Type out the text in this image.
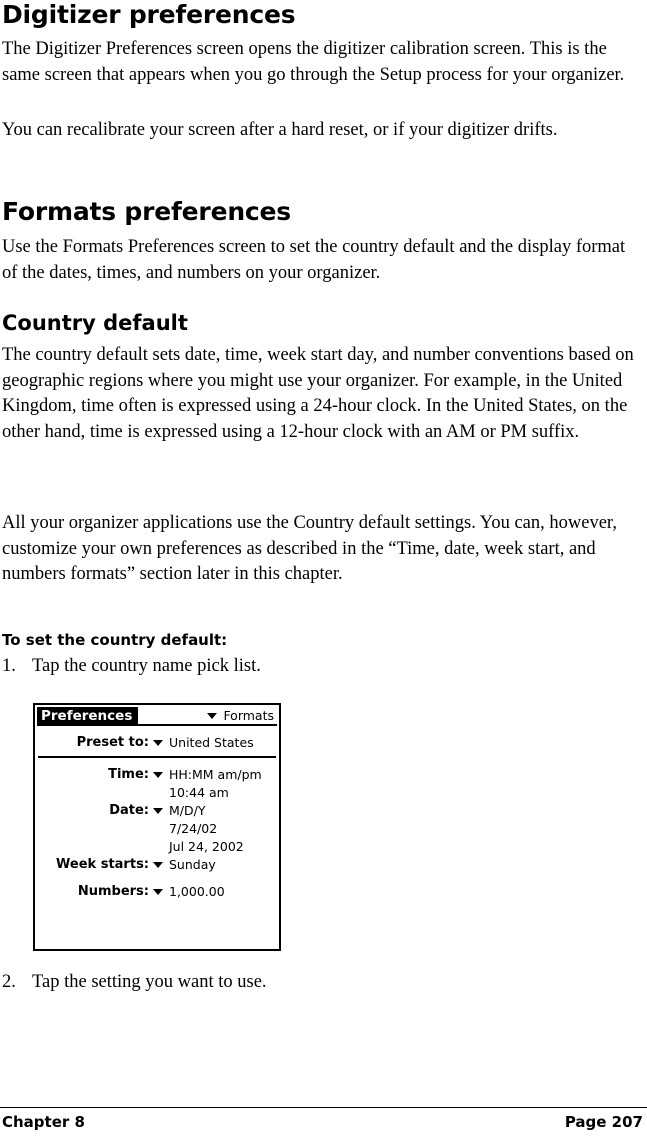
Digitizer preferences

The Digitizer Preferences screen opens the digitizer calibration screen. This is the same screen that appears when you go through the Setup process for your organizer.

You can recalibrate your screen after a hard reset, or if your digitizer drifts.

Formats preferences

Use the Formats Preferences screen to set the country default and the display format of the dates, times, and numbers on your organizer.

Country default

The country default sets date, time, week start day, and number conventions based on geographic regions where you might use your organizer. For example, in the United Kingdom, time often is expressed using a 24-hour clock. In the United States, on the other hand, time is expressed using a 12-hour clock with an AM or PM suffix.

All your organizer applications use the Country default settings. You can, however, customize your own preferences as described in the “Time, date, week start, and numbers formats” section later in this chapter.

To set the country default:

1. Tap the country name pick list.
Preferences	Formats
Preset to:	United States
Time:	HH:MM am/pm
10:44 am
Date:	M/D/Y
7/24/02
Jul 24, 2002
Week starts:	Sunday
Numbers:	1,000.00
2. Tap the setting you want to use.
Chapter 8	Page 207
